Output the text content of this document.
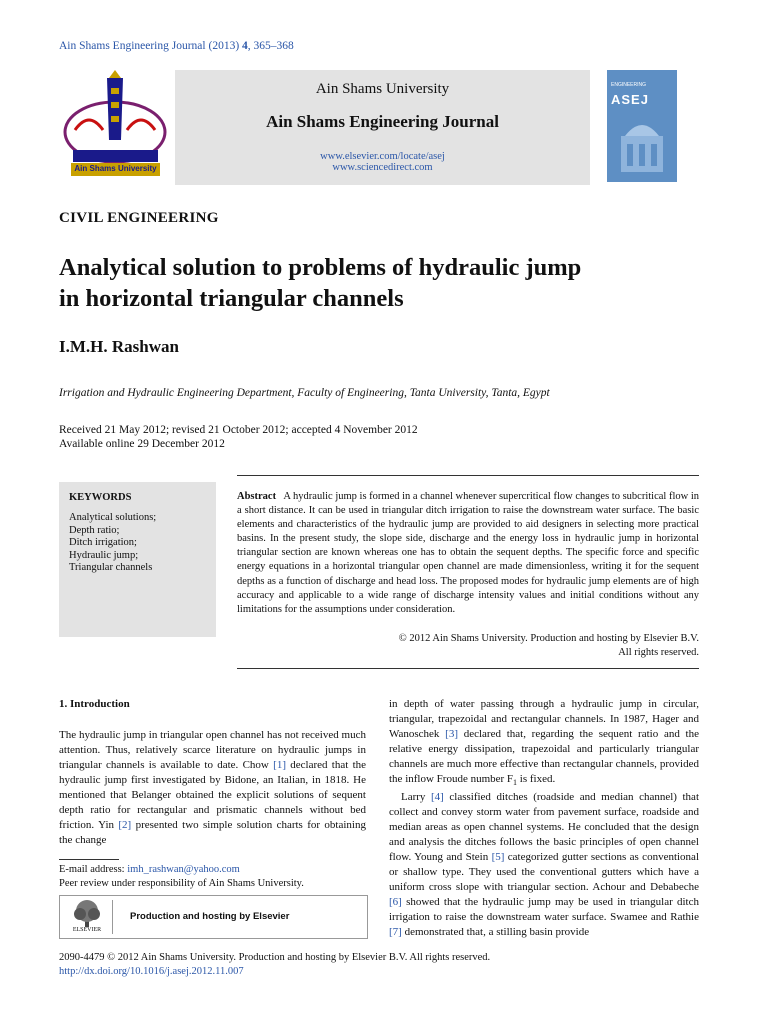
Ain Shams Engineering Journal (2013) 4, 365–368
Ain Shams University
Ain Shams University
Ain Shams Engineering Journal
www.elsevier.com/locate/asej
www.sciencedirect.com
ENGINEERING
ASEJ
CIVIL ENGINEERING
Analytical solution to problems of hydraulic jump
in horizontal triangular channels
I.M.H. Rashwan
Irrigation and Hydraulic Engineering Department, Faculty of Engineering, Tanta University, Tanta, Egypt
Received 21 May 2012; revised 21 October 2012; accepted 4 November 2012
Available online 29 December 2012
KEYWORDS
Analytical solutions;
Depth ratio;
Ditch irrigation;
Hydraulic jump;
Triangular channels
Abstract A hydraulic jump is formed in a channel whenever supercritical flow changes to subcritical flow in a short distance. It can be used in triangular ditch irrigation to raise the downstream water surface. The basic elements and characteristics of the hydraulic jump are provided to aid designers in selecting more practical basins. In the present study, the slope side, discharge and the energy loss in hydraulic jump in horizontal triangular section are known whereas one has to obtain the sequent depths. The specific force and specific energy equations in a horizontal triangular open channel are made dimensionless, writing it for the sequent depths as a function of discharge and head loss. The proposed modes for hydraulic jump elements are of high accuracy and applicable to a wide range of discharge intensity values and initial conditions without any limitations for the assumptions under consideration.
© 2012 Ain Shams University. Production and hosting by Elsevier B.V.
All rights reserved.
1. Introduction
The hydraulic jump in triangular open channel has not received much attention. Thus, relatively scarce literature on hydraulic jumps in triangular channels is available to date. Chow [1] declared that the hydraulic jump first investigated by Bidone, an Italian, in 1818. He mentioned that Belanger obtained the explicit solutions of sequent depth ratio for rectangular and prismatic channels without bed friction. Yin [2] presented two simple solution charts for obtaining the change
in depth of water passing through a hydraulic jump in circular, triangular, trapezoidal and rectangular channels. In 1987, Hager and Wanoschek [3] declared that, regarding the sequent ratio and the relative energy dissipation, trapezoidal and particularly triangular channels are much more effective than rectangular channels, provided the inflow Froude number $F_1$ is fixed.
Larry [4] classified ditches (roadside and median channel) that collect and convey storm water from pavement surface, roadside and median areas as open channel systems. He concluded that the design and analysis the ditches follows the basic principles of open channel flow. Young and Stein [5] categorized gutter sections as conventional or shallow type. They used the conventional gutters which have a uniform cross slope with triangular section. Achour and Debabeche [6] showed that the hydraulic jump may be used in triangular ditch irrigation to raise the downstream water surface. Swamee and Rathie [7] demonstrated that, a stilling basin provide
E-mail address: imh_rashwan@yahoo.com
Peer review under responsibility of Ain Shams University.
ELSEVIER
Production and hosting by Elsevier
2090-4479 © 2012 Ain Shams University. Production and hosting by Elsevier B.V. All rights reserved.
http://dx.doi.org/10.1016/j.asej.2012.11.007
